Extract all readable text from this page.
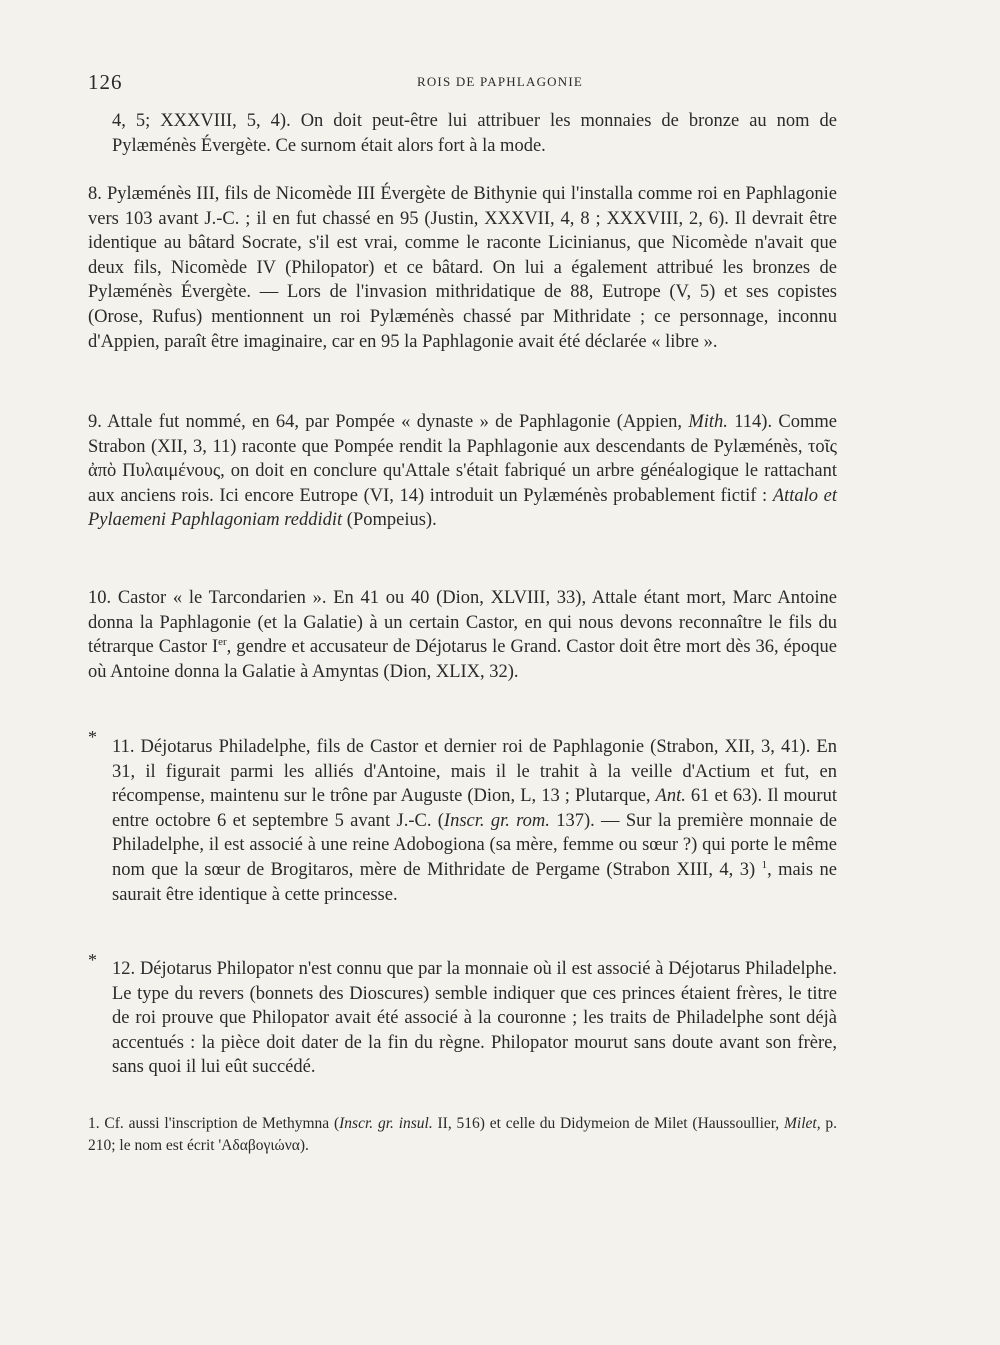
126	ROIS DE PAPHLAGONIE
4, 5; XXXVIII, 5, 4). On doit peut-être lui attribuer les monnaies de bronze au nom de Pylæménès Évergète. Ce surnom était alors fort à la mode.
8. Pylæménès III, fils de Nicomède III Évergète de Bithynie qui l'installa comme roi en Paphlagonie vers 103 avant J.-C. ; il en fut chassé en 95 (Justin, XXXVII, 4, 8 ; XXXVIII, 2, 6). Il devrait être identique au bâtard Socrate, s'il est vrai, comme le raconte Licinianus, que Nicomède n'avait que deux fils, Nicomède IV (Philopator) et ce bâtard. On lui a également attribué les bronzes de Pylæménès Évergète. — Lors de l'invasion mithridatique de 88, Eutrope (V, 5) et ses copistes (Orose, Rufus) mentionnent un roi Pylæménès chassé par Mithridate ; ce personnage, inconnu d'Appien, paraît être imaginaire, car en 95 la Paphlagonie avait été déclarée « libre ».
9. Attale fut nommé, en 64, par Pompée « dynaste » de Paphlagonie (Appien, Mith. 114). Comme Strabon (XII, 3, 11) raconte que Pompée rendit la Paphlagonie aux descendants de Pylæménès, τοῖς ἀπὸ Πυλαιμένους, on doit en conclure qu'Attale s'était fabriqué un arbre généalogique le rattachant aux anciens rois. Ici encore Eutrope (VI, 14) introduit un Pylæménès probablement fictif : Attalo et Pylaemeni Paphlagoniam reddidit (Pompeius).
10. Castor « le Tarcondarien ». En 41 ou 40 (Dion, XLVIII, 33), Attale étant mort, Marc Antoine donna la Paphlagonie (et la Galatie) à un certain Castor, en qui nous devons reconnaître le fils du tétrarque Castor Ier, gendre et accusateur de Déjotarus le Grand. Castor doit être mort dès 36, époque où Antoine donna la Galatie à Amyntas (Dion, XLIX, 32).
* 11. Déjotarus Philadelphe, fils de Castor et dernier roi de Paphlagonie (Strabon, XII, 3, 41). En 31, il figurait parmi les alliés d'Antoine, mais il le trahit à la veille d'Actium et fut, en récompense, maintenu sur le trône par Auguste (Dion, L, 13 ; Plutarque, Ant. 61 et 63). Il mourut entre octobre 6 et septembre 5 avant J.-C. (Inscr. gr. rom. 137). — Sur la première monnaie de Philadelphe, il est associé à une reine Adobogiona (sa mère, femme ou sœur ?) qui porte le même nom que la sœur de Brogitaros, mère de Mithridate de Pergame (Strabon XIII, 4, 3) $^1$, mais ne saurait être identique à cette princesse.
* 12. Déjotarus Philopator n'est connu que par la monnaie où il est associé à Déjotarus Philadelphe. Le type du revers (bonnets des Dioscures) semble indiquer que ces princes étaient frères, le titre de roi prouve que Philopator avait été associé à la couronne ; les traits de Philadelphe sont déjà accentués : la pièce doit dater de la fin du règne. Philopator mourut sans doute avant son frère, sans quoi il lui eût succédé.
1. Cf. aussi l'inscription de Methymna (Inscr. gr. insul. II, 516) et celle du Didymeion de Milet (Haussoullier, Milet, p. 210; le nom est écrit 'Αδαβογιώνα).
